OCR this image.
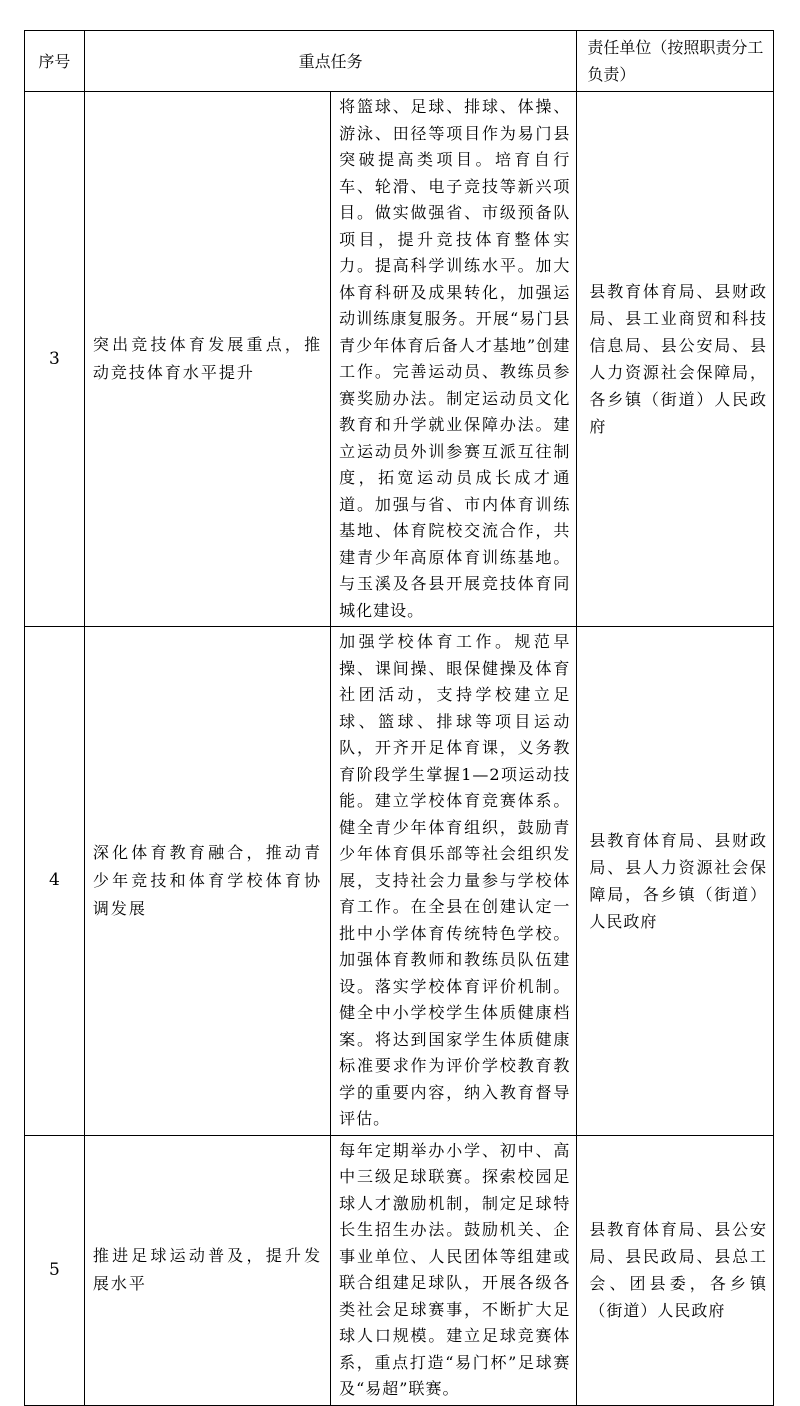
序号	重点任务		责任单位（按照职责分工负责）
3	突出竞技体育发展重点，推动竞技体育水平提升	将篮球、足球、排球、体操、游泳、田径等项目作为易门县突破提高类项目。培育自行车、轮滑、电子竞技等新兴项目。做实做强省、市级预备队项目，提升竞技体育整体实力。提高科学训练水平。加大体育科研及成果转化，加强运动训练康复服务。开展“易门县青少年体育后备人才基地”创建工作。完善运动员、教练员参赛奖励办法。制定运动员文化教育和升学就业保障办法。建立运动员外训参赛互派互往制度，拓宽运动员成长成才通道。加强与省、市内体育训练基地、体育院校交流合作，共建青少年高原体育训练基地。与玉溪及各县开展竞技体育同城化建设。	县教育体育局、县财政局、县工业商贸和科技信息局、县公安局、县人力资源社会保障局，各乡镇（街道）人民政府
4	深化体育教育融合，推动青少年竞技和体育学校体育协调发展	加强学校体育工作。规范早操、课间操、眼保健操及体育社团活动，支持学校建立足球、篮球、排球等项目运动队，开齐开足体育课，义务教育阶段学生掌握1—2项运动技能。建立学校体育竞赛体系。健全青少年体育组织，鼓励青少年体育俱乐部等社会组织发展，支持社会力量参与学校体育工作。在全县在创建认定一批中小学体育传统特色学校。加强体育教师和教练员队伍建设。落实学校体育评价机制。健全中小学校学生体质健康档案。将达到国家学生体质健康标准要求作为评价学校教育教学的重要内容，纳入教育督导评估。	县教育体育局、县财政局、县人力资源社会保障局，各乡镇（街道）人民政府
5	推进足球运动普及，提升发展水平	每年定期举办小学、初中、高中三级足球联赛。探索校园足球人才激励机制，制定足球特长生招生办法。鼓励机关、企事业单位、人民团体等组建或联合组建足球队，开展各级各类社会足球赛事，不断扩大足球人口规模。建立足球竞赛体系，重点打造“易门杯”足球赛及“易超”联赛。	县教育体育局、县公安局、县民政局、县总工会、团县委，各乡镇（街道）人民政府
